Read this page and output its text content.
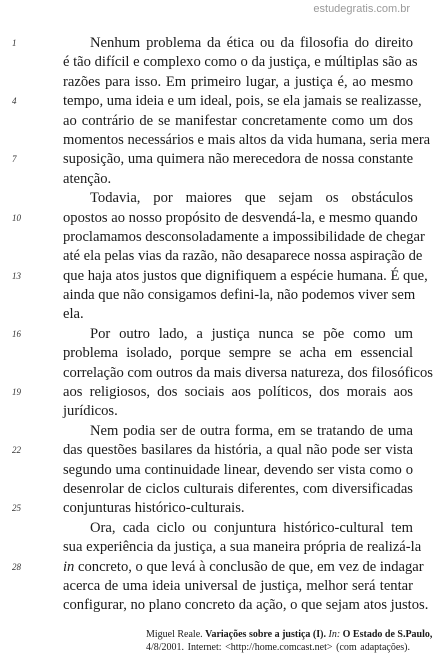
estudegratis.com.br
1	Nenhum problema da ética ou da filosofia do direito
é tão difícil e complexo como o da justiça, e múltiplas são as
razões para isso. Em primeiro lugar, a justiça é, ao mesmo
4	tempo, uma ideia e um ideal, pois, se ela jamais se realizasse,
ao contrário de se manifestar concretamente como um dos
momentos necessários e mais altos da vida humana, seria mera
7	suposição, uma quimera não merecedora de nossa constante
atenção.
Todavia, por maiores que sejam os obstáculos
10	opostos ao nosso propósito de desvendá-la, e mesmo quando
proclamamos desconsoladamente a impossibilidade de chegar
até ela pelas vias da razão, não desaparece nossa aspiração de
13	que haja atos justos que dignifiquem a espécie humana. É que,
ainda que não consigamos defini-la, não podemos viver sem
ela.
16	Por outro lado, a justiça nunca se põe como um
problema isolado, porque sempre se acha em essencial
correlação com outros da mais diversa natureza, dos filosóficos
19	aos religiosos, dos sociais aos políticos, dos morais aos
jurídicos.
Nem podia ser de outra forma, em se tratando de uma
22	das questões basilares da história, a qual não pode ser vista
segundo uma continuidade linear, devendo ser vista como o
desenrolar de ciclos culturais diferentes, com diversificadas
25	conjunturas histórico-culturais.
Ora, cada ciclo ou conjuntura histórico-cultural tem
sua experiência da justiça, a sua maneira própria de realizá-la
28	in concreto, o que levá à conclusão de que, em vez de indagar
acerca de uma ideia universal de justiça, melhor será tentar
configurar, no plano concreto da ação, o que sejam atos justos.
Miguel Reale. Variações sobre a justiça (I). In: O Estado de S.Paulo,
4/8/2001. Internet: <http://home.comcast.net> (com adaptações).
